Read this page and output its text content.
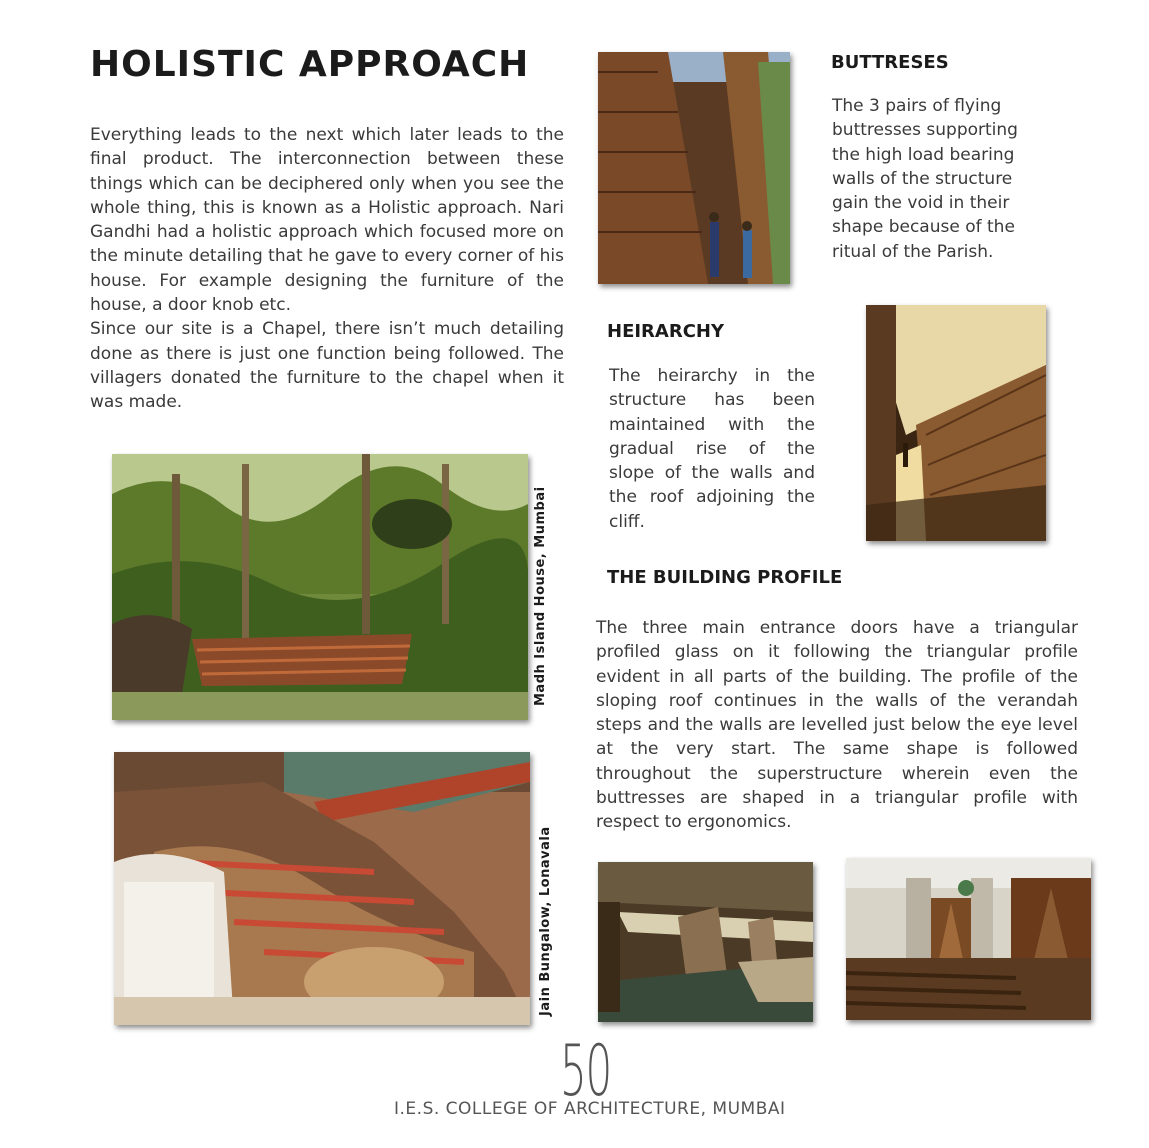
HOLISTIC APPROACH

Everything leads to the next which later leads to the final product. The interconnection between these things which can be deciphered only when you see the whole thing, this is known as a Holistic approach. Nari Gandhi had a holistic approach which focused more on the minute detailing that he gave to every corner of his house. For example designing the furniture of the house, a door knob etc.

Since our site is a Chapel, there isn’t much detailing done as there is just one function being followed. The villagers donated the furniture to the chapel when it was made.

Madh Island House, Mumbai
Jain Bungalow, Lonavala
BUTTRESES

The 3 pairs of flying buttresses supporting the high load bearing walls of the structure gain the void in their shape because of the ritual of the Parish.

HEIRARCHY

The heirarchy in the structure has been maintained with the gradual rise of the slope of the walls and the roof adjoining the cliff.

THE BUILDING PROFILE

The three main entrance doors have a triangular profiled glass on it following the triangular profile evident in all parts of the building. The profile of the sloping roof continues in the walls of the verandah steps and the walls are levelled just below the eye level at the very start. The same shape is followed throughout the superstructure wherein even the buttresses are shaped in a triangular profile with respect to ergonomics.

50
I.E.S. COLLEGE OF ARCHITECTURE, MUMBAI
